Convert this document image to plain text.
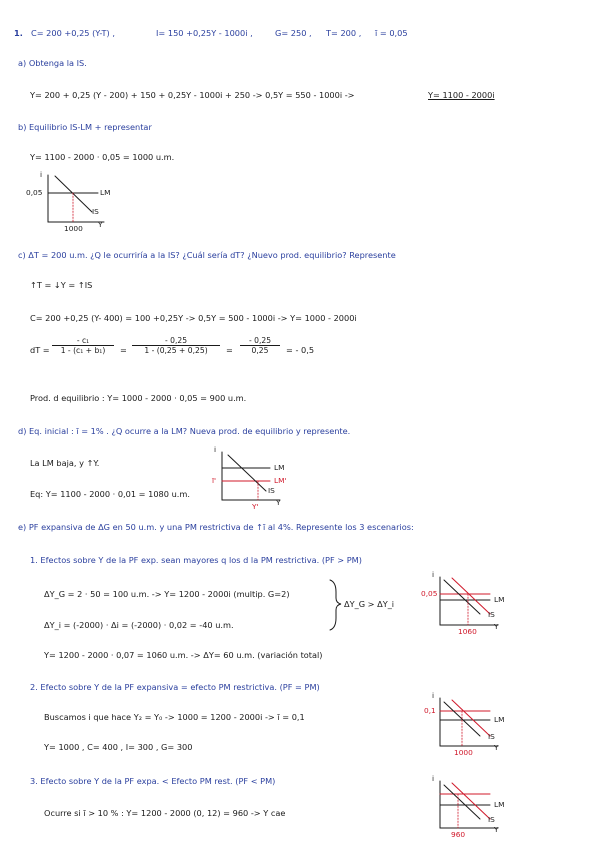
1. C= 200 +0,25 (Y-T) ,	I= 150 +0,25Y - 1000i ,	G= 250 , T= 200 , ī = 0,05
a) Obtenga la IS.
Y= 200 + 0,25 (Y - 200) + 150 + 0,25Y - 1000i + 250 -> 0,5Y = 550 - 1000i ->	Y= 1100 - 2000i
b) Equilibrio IS-LM + representar
Y= 1100 - 2000 · 0,05 = 1000 u.m.
i
0,05	LM
IS
1000 Y
c) ΔT = 200 u.m. ¿Q le ocurriría a la IS? ¿Cuál sería dT? ¿Nuevo prod. equilibrio? Represente
↑T = ↓Y = ↑IS
C= 200 +0,25 (Y- 400) = 100 +0,25Y -> 0,5Y = 500 - 1000i -> Y= 1000 - 2000i
dT = $\frac{\text{- c₁}}{\text{1 - (c₁ + b₁)}} = \frac{- 0,25}{1 - (0,25 + 0,25)} = \frac{- 0,25}{0,25}$ = - 0,5
Prod. d equilibrio : Y= 1000 - 2000 · 0,05 = 900 u.m.
d) Eq. inicial : ī = 1% . ¿Q ocurre a la LM? Nueva prod. de equilibrio y represente.
La LM baja, y ↑Y.
Eq: Y= 1100 - 2000 · 0,01 = 1080 u.m.
i
ī'
LM
LM'
IS
Y' Y
e) PF expansiva de ΔG en 50 u.m. y una PM restrictiva de ↑ī al 4%. Represente los 3 escenarios:
1. Efectos sobre Y de la PF exp. sean mayores q los d la PM restrictiva. (PF > PM)
ΔY_G = 2 · 50 = 100 u.m. -> Y= 1200 - 2000i (multip. G=2)
ΔY_i = (-2000) · Δi = (-2000) · 0,02 = -40 u.m.
ΔY_G > ΔY_i
Y= 1200 - 2000 · 0,07 = 1060 u.m. -> ΔY= 60 u.m. (variación total)
i
0,05
LM
IS
1060
Y
2. Efecto sobre Y de la PF expansiva = efecto PM restrictiva. (PF = PM)
Buscamos i que hace Y₂ = Y₀ -> 1000 = 1200 - 2000i -> ī = 0,1
Y= 1000 , C= 400 , I= 300 , G= 300
i
0,1
LM
IS
1000
Y
3. Efecto sobre Y de la PF expa. < Efecto PM rest. (PF < PM)
Ocurre si ī > 10 % : Y= 1200 - 2000 (0, 12) = 960 -> Y cae
i
LM
IS
960
Y
